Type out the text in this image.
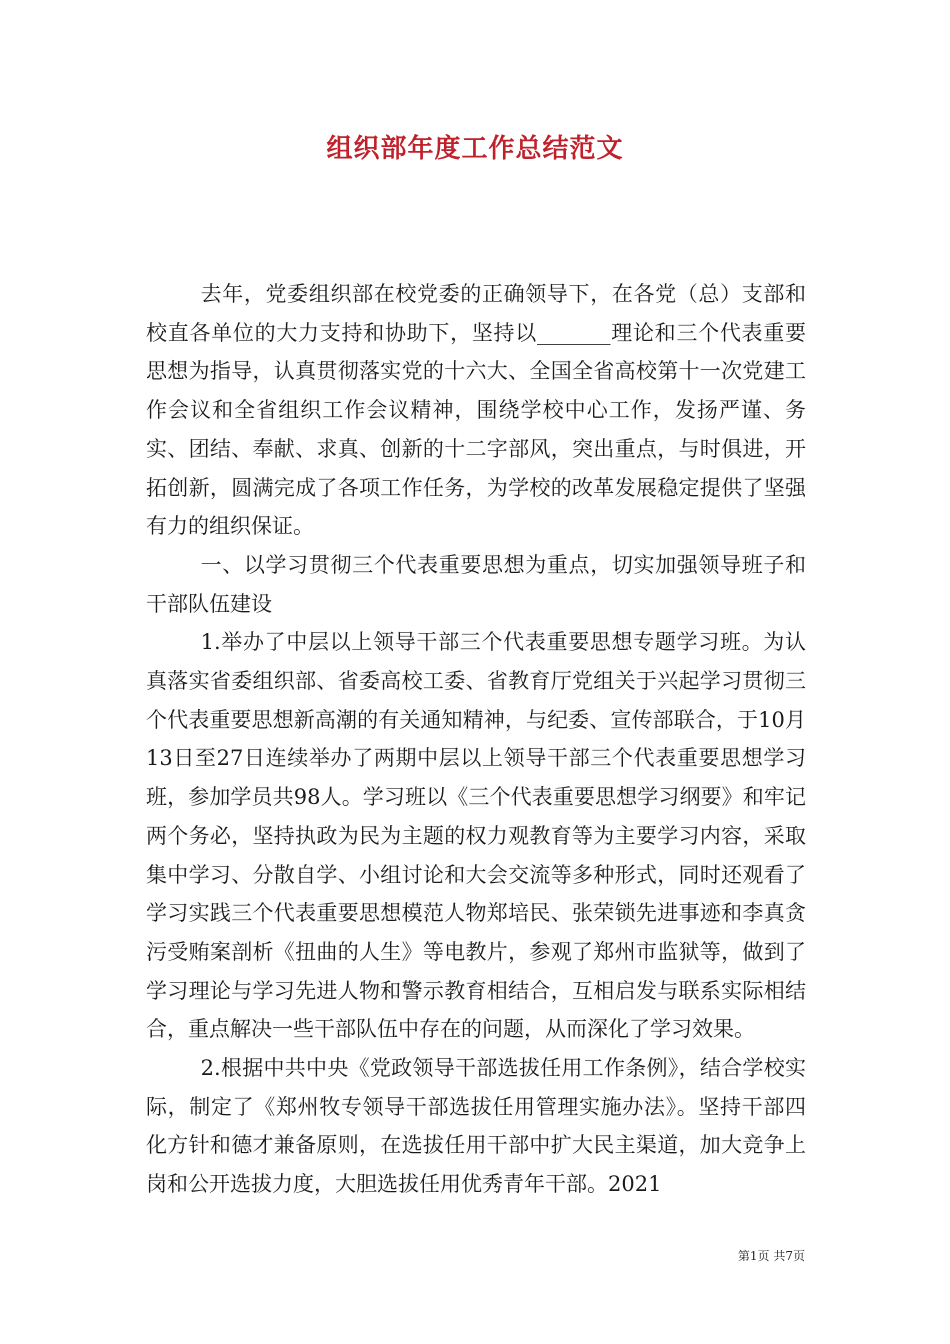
组织部年度工作总结范文

去年，党委组织部在校党委的正确领导下，在各党（总）支部和校直各单位的大力支持和协助下，坚持以_______理论和三个代表重要思想为指导，认真贯彻落实党的十六大、全国全省高校第十一次党建工作会议和全省组织工作会议精神，围绕学校中心工作，发扬严谨、务实、团结、奉献、求真、创新的十二字部风，突出重点，与时俱进，开拓创新，圆满完成了各项工作任务，为学校的改革发展稳定提供了坚强有力的组织保证。

一、以学习贯彻三个代表重要思想为重点，切实加强领导班子和干部队伍建设

1.举办了中层以上领导干部三个代表重要思想专题学习班。为认真落实省委组织部、省委高校工委、省教育厅党组关于兴起学习贯彻三个代表重要思想新高潮的有关通知精神，与纪委、宣传部联合，于10月13日至27日连续举办了两期中层以上领导干部三个代表重要思想学习班，参加学员共98人。学习班以《三个代表重要思想学习纲要》和牢记两个务必，坚持执政为民为主题的权力观教育等为主要学习内容，采取集中学习、分散自学、小组讨论和大会交流等多种形式，同时还观看了学习实践三个代表重要思想模范人物郑培民、张荣锁先进事迹和李真贪污受贿案剖析《扭曲的人生》等电教片，参观了郑州市监狱等，做到了学习理论与学习先进人物和警示教育相结合，互相启发与联系实际相结合，重点解决一些干部队伍中存在的问题，从而深化了学习效果。

2.根据中共中央《党政领导干部选拔任用工作条例》，结合学校实际，制定了《郑州牧专领导干部选拔任用管理实施办法》。坚持干部四化方针和德才兼备原则，在选拔任用干部中扩大民主渠道，加大竞争上岗和公开选拔力度，大胆选拔任用优秀青年干部。2021

第1页 共7页
